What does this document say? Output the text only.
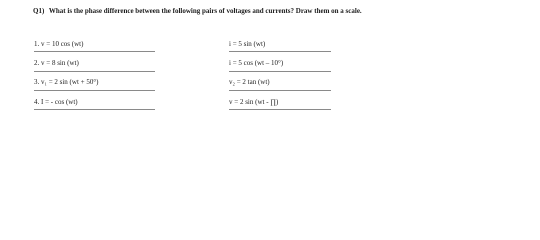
Q1) What is the phase difference between the following pairs of voltages and currents? Draw them on a scale.
1. v = 10 cos (wt)	i = 5 sin (wt)
2. v = 8 sin (wt)	i = 5 cos (wt – 10°)
3. v₁ = 2 sin (wt + 50°)	v₂ = 2 tan (wt)
4. I = - cos (wt)	v = 2 sin (wt - ∏)
